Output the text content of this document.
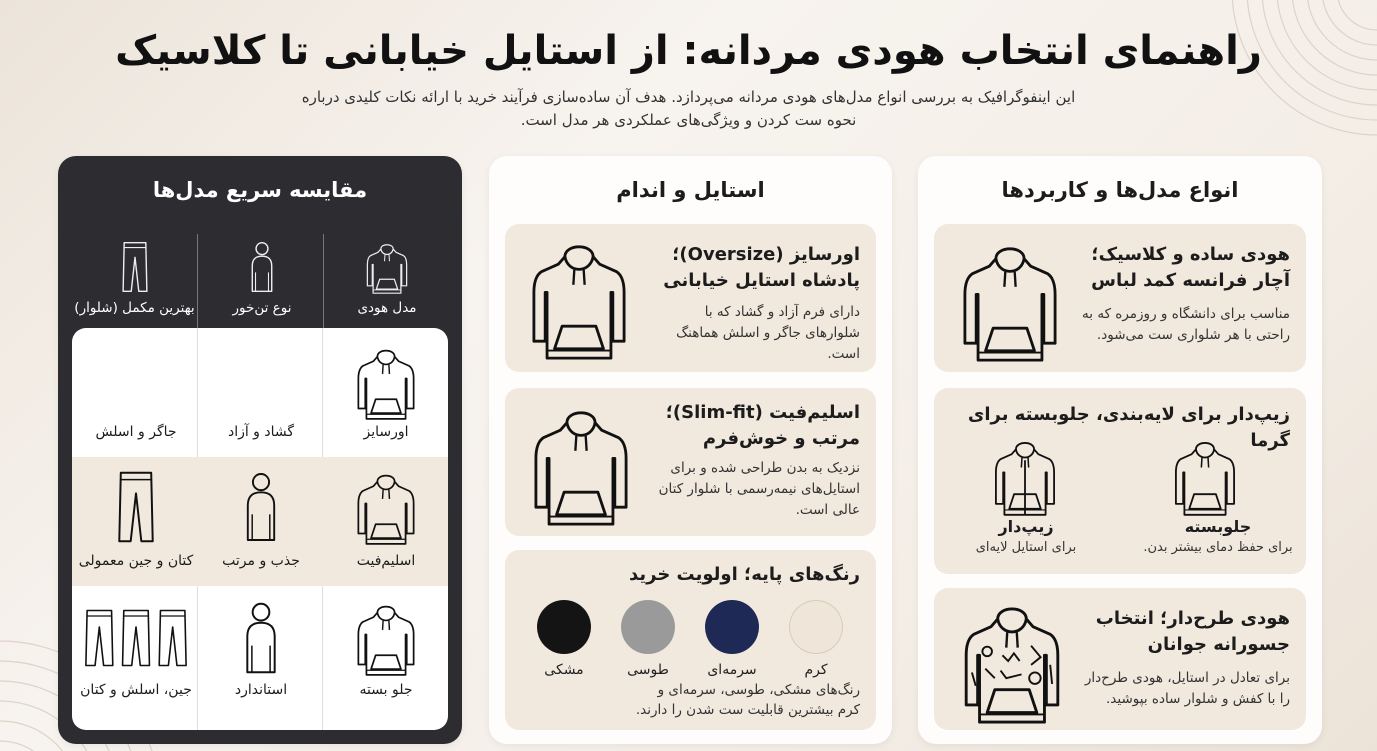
راهنمای انتخاب هودی مردانه: از استایل خیابانی تا کلاسیک

این اینفوگرافیک به بررسی انواع مدل‌های هودی مردانه می‌پردازد. هدف آن ساده‌سازی فرآیند خرید با ارائه نکات کلیدی درباره نحوه ست کردن و ویژگی‌های عملکردی هر مدل است.

انواع مدل‌ها و کاربردها
هودی ساده و کلاسیک؛ آچار فرانسه کمد لباس

مناسب برای دانشگاه و روزمره که به راحتی با هر شلواری ست می‌شود.

زیپ‌دار برای لایه‌بندی، جلوبسته برای گرما
زیپ‌دار
برای استایل لایه‌ای
جلوبسته
برای حفظ دمای بیشتر بدن.
هودی طرح‌دار؛ انتخاب جسورانه جوانان

برای تعادل در استایل، هودی طرح‌دار را با کفش و شلوار ساده بپوشید.

استایل و اندام
اورسایز (Oversize)؛ پادشاه استایل خیابانی

دارای فرم آزاد و گشاد که با شلوارهای جاگر و اسلش هماهنگ است.

اسلیم‌فیت (Slim-fit)؛ مرتب و خوش‌فرم

نزدیک به بدن طراحی شده و برای استایل‌های نیمه‌رسمی با شلوار کتان عالی است.

رنگ‌های پایه؛ اولویت خرید
کرم
سرمه‌ای
طوسی
مشکی

رنگ‌های مشکی، طوسی، سرمه‌ای و کرم بیشترین قابلیت ست شدن را دارند.

مقایسه سریع مدل‌ها
مدل هودی
نوع تن‌خور
بهترین مکمل (شلوار)
اورسایز
گشاد و آزاد
جاگر و اسلش
اسلیم‌فیت
جذب و مرتب
کتان و جین معمولی
جلو بسته
استاندارد
جین، اسلش و کتان
